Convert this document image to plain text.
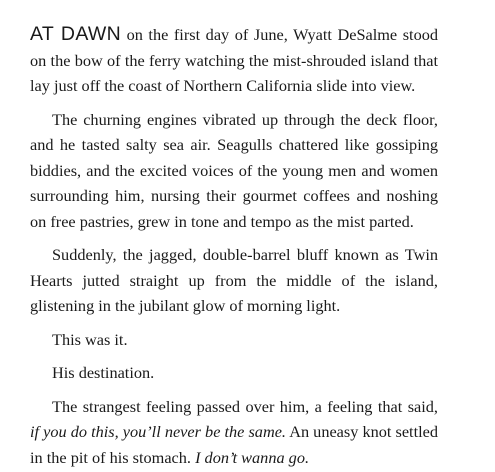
AT DAWN on the first day of June, Wyatt DeSalme stood on the bow of the ferry watching the mist-shrouded island that lay just off the coast of Northern California slide into view.

The churning engines vibrated up through the deck floor, and he tasted salty sea air. Seagulls chattered like gossiping biddies, and the excited voices of the young men and women surrounding him, nursing their gourmet coffees and noshing on free pastries, grew in tone and tempo as the mist parted.

Suddenly, the jagged, double-barrel bluff known as Twin Hearts jutted straight up from the middle of the island, glistening in the jubilant glow of morning light.

This was it.

His destination.

The strangest feeling passed over him, a feeling that said, if you do this, you’ll never be the same. An uneasy knot settled in the pit of his stomach. I don’t wanna go.
